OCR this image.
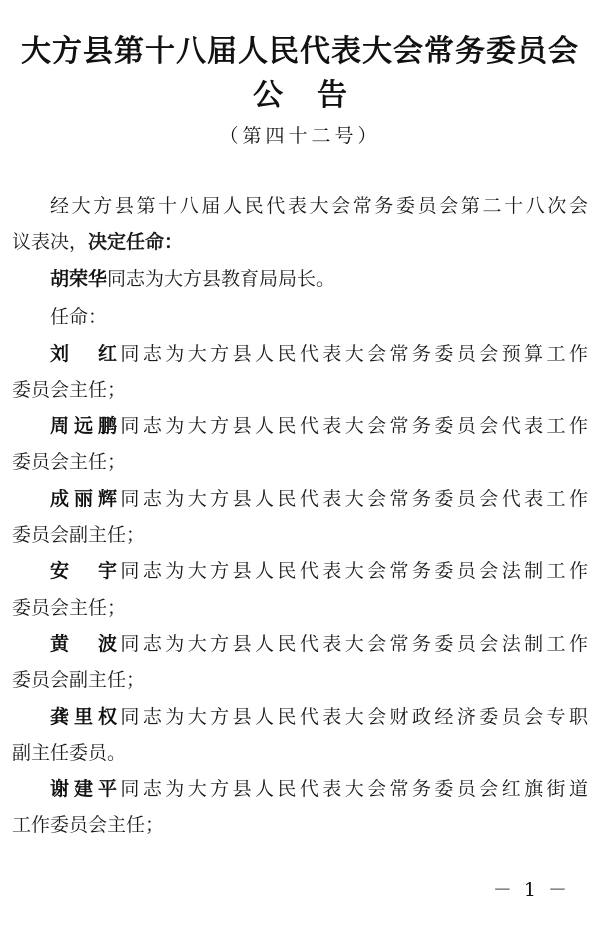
大方县第十八届人民代表大会常务委员会
公告
（第四十二号）
经大方县第十八届人民代表大会常务委员会第二十八次会
议表决，决定任命：
胡荣华同志为大方县教育局局长。
任命：
刘　红同志为大方县人民代表大会常务委员会预算工作
委员会主任；
周远鹏同志为大方县人民代表大会常务委员会代表工作
委员会主任；
成丽辉同志为大方县人民代表大会常务委员会代表工作
委员会副主任；
安　宇同志为大方县人民代表大会常务委员会法制工作
委员会主任；
黄　波同志为大方县人民代表大会常务委员会法制工作
委员会副主任；
龚里权同志为大方县人民代表大会财政经济委员会专职
副主任委员。
谢建平同志为大方县人民代表大会常务委员会红旗街道
工作委员会主任；
－ 1 －
